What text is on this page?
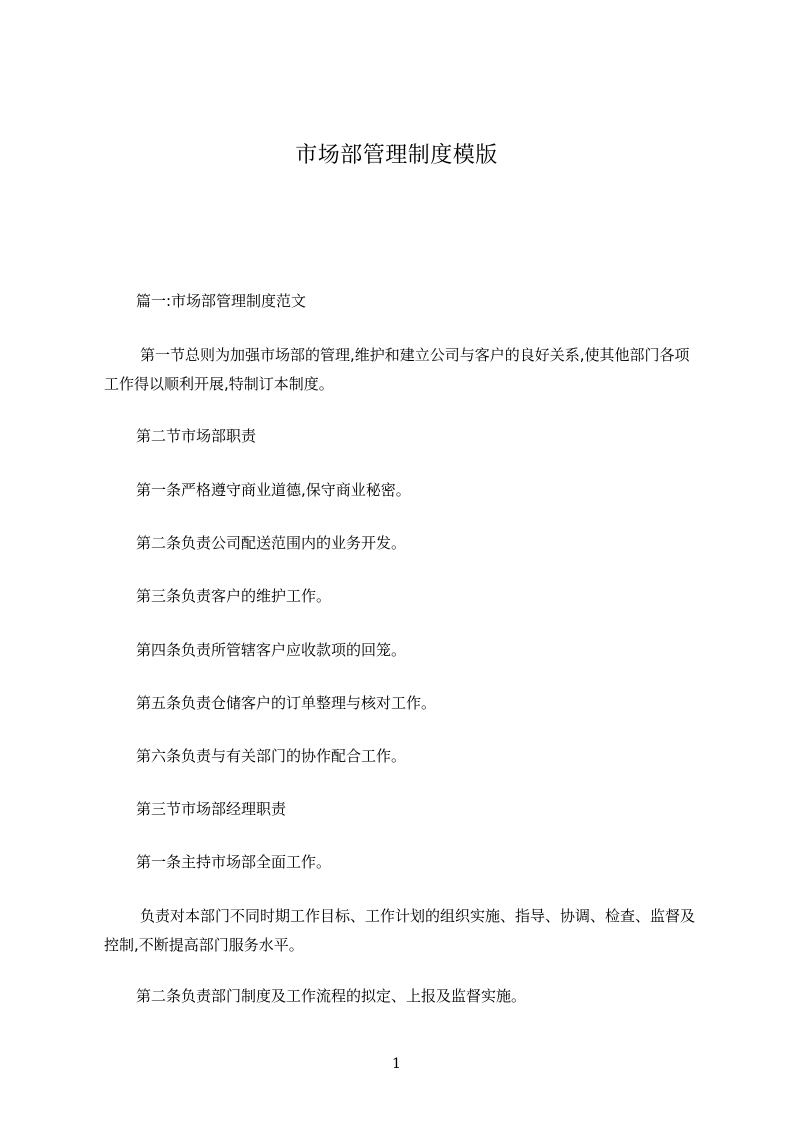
市场部管理制度模版

篇一:市场部管理制度范文

第一节总则为加强市场部的管理,维护和建立公司与客户的良好关系,使其他部门各项工作得以顺利开展,特制订本制度。

第二节市场部职责

第一条严格遵守商业道德,保守商业秘密。

第二条负责公司配送范围内的业务开发。

第三条负责客户的维护工作。

第四条负责所管辖客户应收款项的回笼。

第五条负责仓储客户的订单整理与核对工作。

第六条负责与有关部门的协作配合工作。

第三节市场部经理职责

第一条主持市场部全面工作。

负责对本部门不同时期工作目标、工作计划的组织实施、指导、协调、检查、监督及控制,不断提高部门服务水平。

第二条负责部门制度及工作流程的拟定、上报及监督实施。

1
